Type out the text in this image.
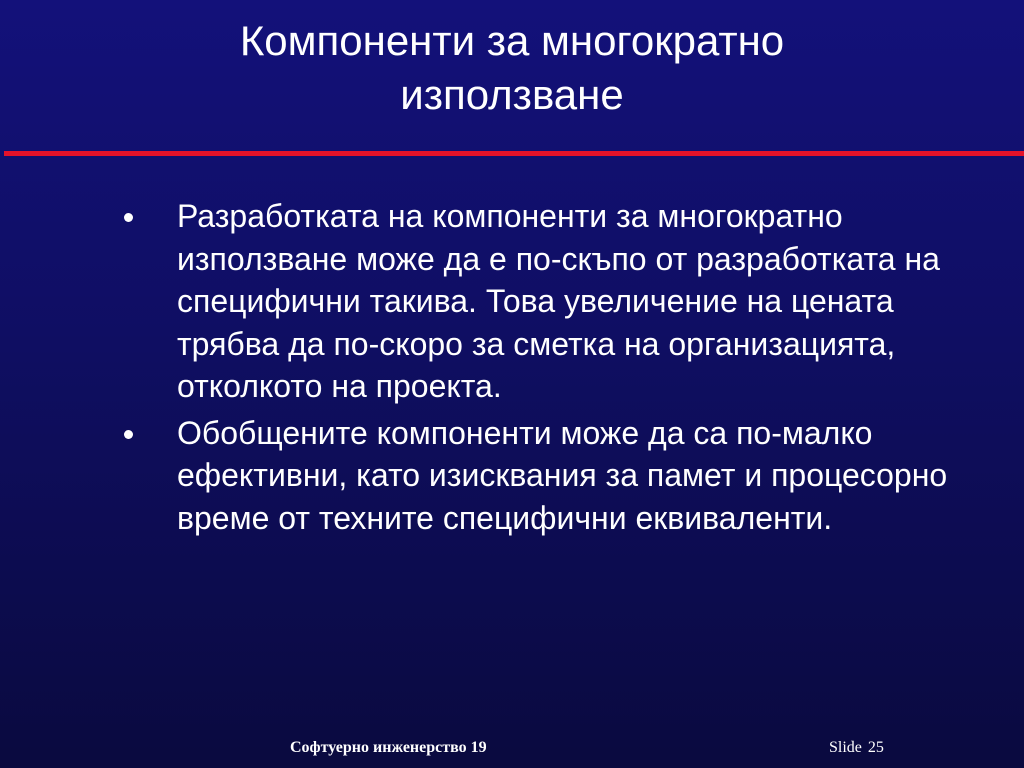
Компоненти за многократно
използване
Разработката на компоненти за многократно използване може да е по-скъпо от разработката на специфични такива. Това увеличение на цената трябва да по-скоро за сметка на организацията, отколкото на проекта.
Обобщените компоненти може да са по-малко ефективни, като изисквания за памет и процесорно време от техните специфични еквиваленти.
Софтуерно инженерство 19	Slide 25
